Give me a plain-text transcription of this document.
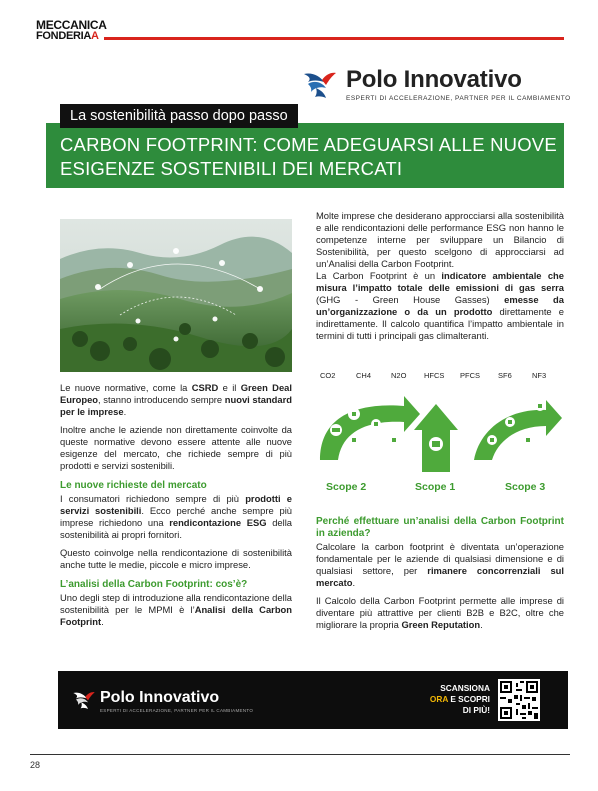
MECCANICA
FONDERIAA
Polo Innovativo
ESPERTI DI ACCELERAZIONE, PARTNER PER IL CAMBIAMENTO
La sostenibilità passo dopo passo
CARBON FOOTPRINT: COME ADEGUARSI ALLE NUOVE ESIGENZE SOSTENIBILI DEI MERCATI

Le nuove normative, come la CSRD e il Green Deal Europeo, stanno introducendo sempre nuovi standard per le imprese.

Inoltre anche le aziende non direttamente coinvolte da queste normative devono essere attente alle nuove esigenze del mercato, che richiede sempre di più prodotti e servizi sostenibili.

Le nuove richieste del mercato

I consumatori richiedono sempre di più prodotti e servizi sostenibili. Ecco perché anche sempre più imprese richiedono una rendicontazione ESG della sostenibilità ai propri fornitori.

Questo coinvolge nella rendicontazione di sostenibilità anche tutte le medie, piccole e micro imprese.

L’analisi della Carbon Footprint: cos’è?

Uno degli step di introduzione alla rendicontazione della sostenibilità per le MPMI è l’Analisi della Carbon Footprint.

Molte imprese che desiderano approcciarsi alla sostenibilità e alle rendicontazioni delle performance ESG non hanno le competenze interne per sviluppare un Bilancio di Sostenibilità, per questo scelgono di approcciarsi ad un’Analisi della Carbon Footprint.

La Carbon Footprint è un indicatore ambientale che misura l’impatto totale delle emissioni di gas serra (GHG - Green House Gasses) emesse da un’organizzazione o da un prodotto direttamente e indirettamente. Il calcolo quantifica l’impatto ambientale in termini di tutti i principali gas climalteranti.

CO2	CH4	N2O HFCS PFCS SF6	NF3
Scope 2	Scope 1	Scope 3
Perché effettuare un’analisi della Carbon Footprint in azienda?

Calcolare la carbon footprint è diventata un’operazione fondamentale per le aziende di qualsiasi dimensione e di qualsiasi settore, per rimanere concorrenziali sul mercato.

Il Calcolo della Carbon Footprint permette alle imprese di diventare più attrattive per clienti B2B e B2C, oltre che migliorare la propria Green Reputation.

Polo Innovativo
ESPERTI DI ACCELERAZIONE, PARTNER PER IL CAMBIAMENTO
SCANSIONA
ORA E SCOPRI
DI PIÙ!
28
